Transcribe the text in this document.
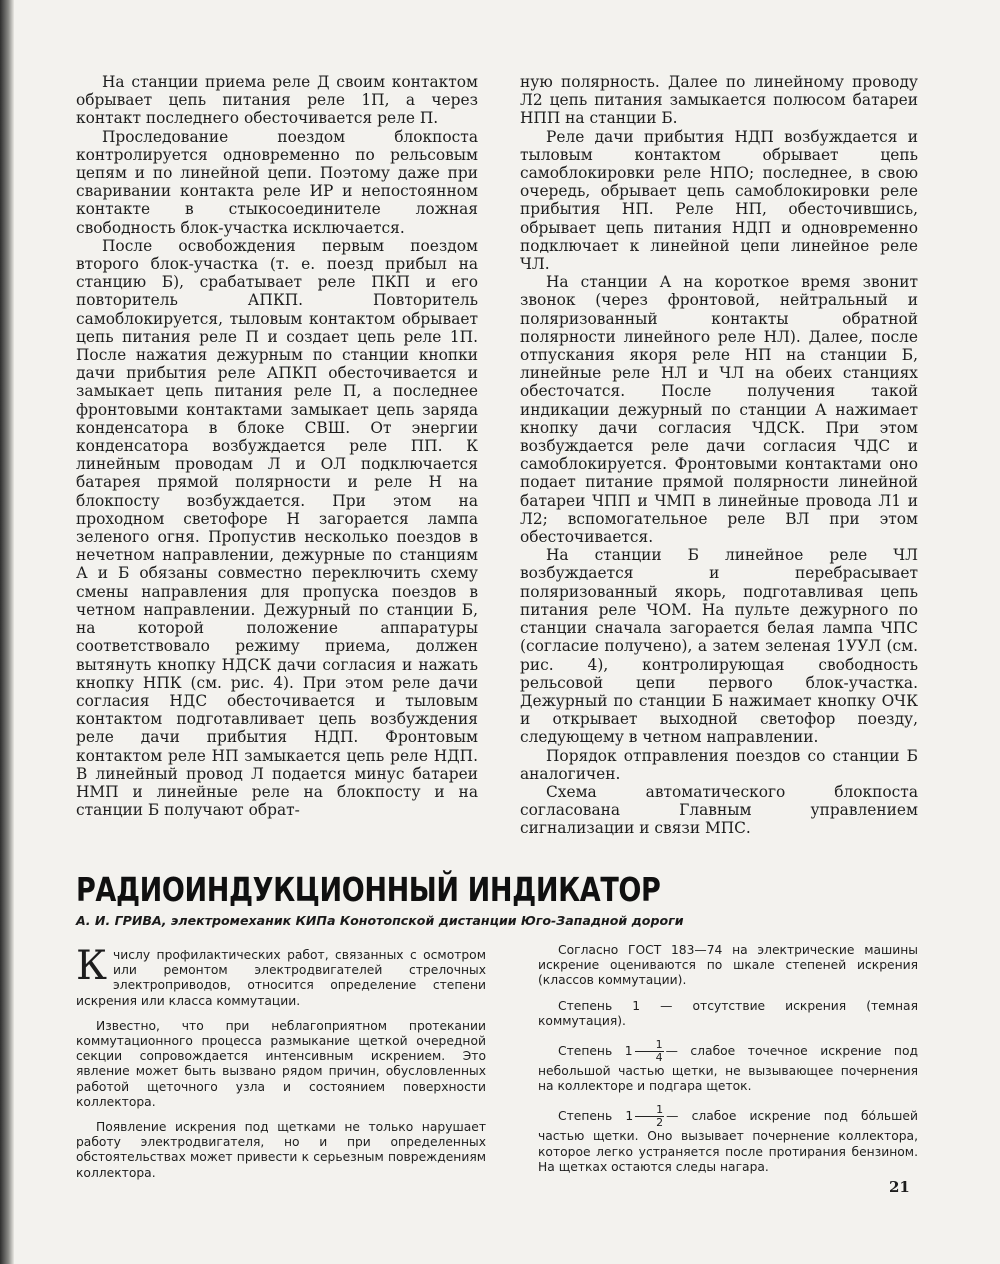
На станции приема реле Д своим контактом обрывает цепь питания реле 1П, а через контакт последнего обесточивается реле П.

Проследование поездом блокпоста контролируется одновременно по рельсовым цепям и по линейной цепи. Поэтому даже при сваривании контакта реле ИР и непостоянном контакте в стыкосоединителе ложная свободность блок-участка исключается.

После освобождения первым поездом второго блок-участка (т. е. поезд прибыл на станцию Б), срабатывает реле ПКП и его повторитель АПКП. Повторитель самоблокируется, тыловым контактом обрывает цепь питания реле П и создает цепь реле 1П. После нажатия дежурным по станции кнопки дачи прибытия реле АПКП обесточивается и замыкает цепь питания реле П, а последнее фронтовыми контактами замыкает цепь заряда конденсатора в блоке СВШ. От энергии конденсатора возбуждается реле ПП. К линейным проводам Л и ОЛ подключается батарея прямой полярности и реле Н на блокпосту возбуждается. При этом на проходном светофоре Н загорается лампа зеленого огня. Пропустив несколько поездов в нечетном направлении, дежурные по станциям А и Б обязаны совместно переключить схему смены направления для пропуска поездов в четном направлении. Дежурный по станции Б, на которой положение аппаратуры соответствовало режиму приема, должен вытянуть кнопку НДСК дачи согласия и нажать кнопку НПК (см. рис. 4). При этом реле дачи согласия НДС обесточивается и тыловым контактом подготавливает цепь возбуждения реле дачи прибытия НДП. Фронтовым контактом реле НП замыкается цепь реле НДП. В линейный провод Л подается минус батареи НМП и линейные реле на блокпосту и на станции Б получают обрат-

ную полярность. Далее по линейному проводу Л2 цепь питания замыкается полюсом батареи НПП на станции Б.

Реле дачи прибытия НДП возбуждается и тыловым контактом обрывает цепь самоблокировки реле НПО; последнее, в свою очередь, обрывает цепь самоблокировки реле прибытия НП. Реле НП, обесточившись, обрывает цепь питания НДП и одновременно подключает к линейной цепи линейное реле ЧЛ.

На станции А на короткое время звонит звонок (через фронтовой, нейтральный и поляризованный контакты обратной полярности линейного реле НЛ). Далее, после отпускания якоря реле НП на станции Б, линейные реле НЛ и ЧЛ на обеих станциях обесточатся. После получения такой индикации дежурный по станции А нажимает кнопку дачи согласия ЧДСК. При этом возбуждается реле дачи согласия ЧДС и самоблокируется. Фронтовыми контактами оно подает питание прямой полярности линейной батареи ЧПП и ЧМП в линейные провода Л1 и Л2; вспомогательное реле ВЛ при этом обесточивается.

На станции Б линейное реле ЧЛ возбуждается и перебрасывает поляризованный якорь, подготавливая цепь питания реле ЧОМ. На пульте дежурного по станции сначала загорается белая лампа ЧПС (согласие получено), а затем зеленая 1УУЛ (см. рис. 4), контролирующая свободность рельсовой цепи первого блок-участка. Дежурный по станции Б нажимает кнопку ОЧК и открывает выходной светофор поезду, следующему в четном направлении.

Порядок отправления поездов со станции Б аналогичен.

Схема автоматического блокпоста согласована Главным управлением сигнализации и связи МПС.

РАДИОИНДУКЦИОННЫЙ ИНДИКАТОР
А. И. ГРИВА, электромеханик КИПа Конотопской дистанции Юго-Западной дороги

Кчислу профилактических работ, связанных с осмотром или ремонтом электродвигателей стрелочных электроприводов, относится определение степени искрения или класса коммутации.

Известно, что при неблагоприятном протекании коммутационного процесса размыкание щеткой очередной секции сопровождается интенсивным искрением. Это явление может быть вызвано рядом причин, обусловленных работой щеточного узла и состоянием поверхности коллектора.

Появление искрения под щетками не только нарушает работу электродвигателя, но и при определенных обстоятельствах может привести к серьезным повреждениям коллектора.

Согласно ГОСТ 183—74 на электрические машины искрение оцениваются по шкале степеней искрения (классов коммутации).

Степень 1 — отсутствие искрения (темная коммутация).

Степень $1 \frac{1}{4}$ — слабое точечное искрение под небольшой частью щетки, не вызывающее почернения на коллекторе и подгара щеток.

Степень $1 \frac{1}{2}$ — слабое искрение под бо́льшей частью щетки. Оно вызывает почернение коллектора, которое легко устраняется после протирания бензином. На щетках остаются следы нагара.

21
